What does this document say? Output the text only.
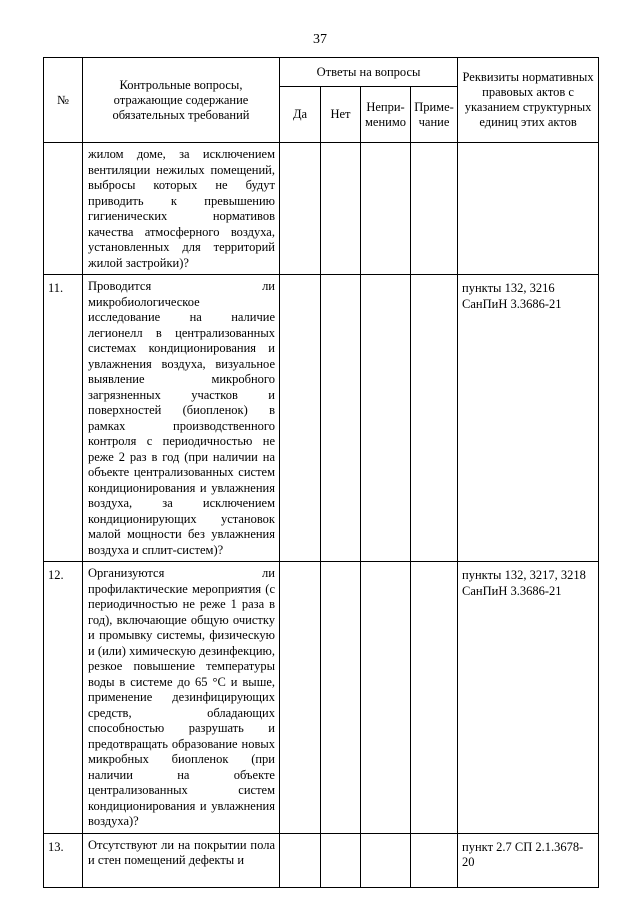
37
№	Контрольные вопросы, отражающие содержание обязательных требований	Ответы на вопросы				Реквизиты нормативных правовых актов с указанием структурных единиц этих актов
		Да	Нет	Непри-менимо	Приме-чание	
	жилом доме, за исключением вентиляции нежилых помещений, выбросы которых не будут приводить к превышению гигиенических нормативов качества атмосферного воздуха, установленных для территорий жилой застройки)?					
11.	Проводится ли микробиологическое исследование на наличие легионелл в централизованных системах кондиционирования и увлажнения воздуха, визуальное выявление микробного загрязненных участков и поверхностей (биопленок) в рамках производственного контроля с периодичностью не реже 2 раз в год (при наличии на объекте централизованных систем кондиционирования и увлажнения воздуха, за исключением кондиционирующих установок малой мощности без увлажнения воздуха и сплит-систем)?					пункты 132, 3216 СанПиН 3.3686-21
12.	Организуются ли профилактические мероприятия (с периодичностью не реже 1 раза в год), включающие общую очистку и промывку системы, физическую и (или) химическую дезинфекцию, резкое повышение температуры воды в системе до 65 °С и выше, применение дезинфицирующих средств, обладающих способностью разрушать и предотвращать образование новых микробных биопленок (при наличии на объекте централизованных систем кондиционирования и увлажнения воздуха)?					пункты 132, 3217, 3218 СанПиН 3.3686-21
13.	Отсутствуют ли на покрытии пола и стен помещений дефекты и					пункт 2.7 СП 2.1.3678-20
